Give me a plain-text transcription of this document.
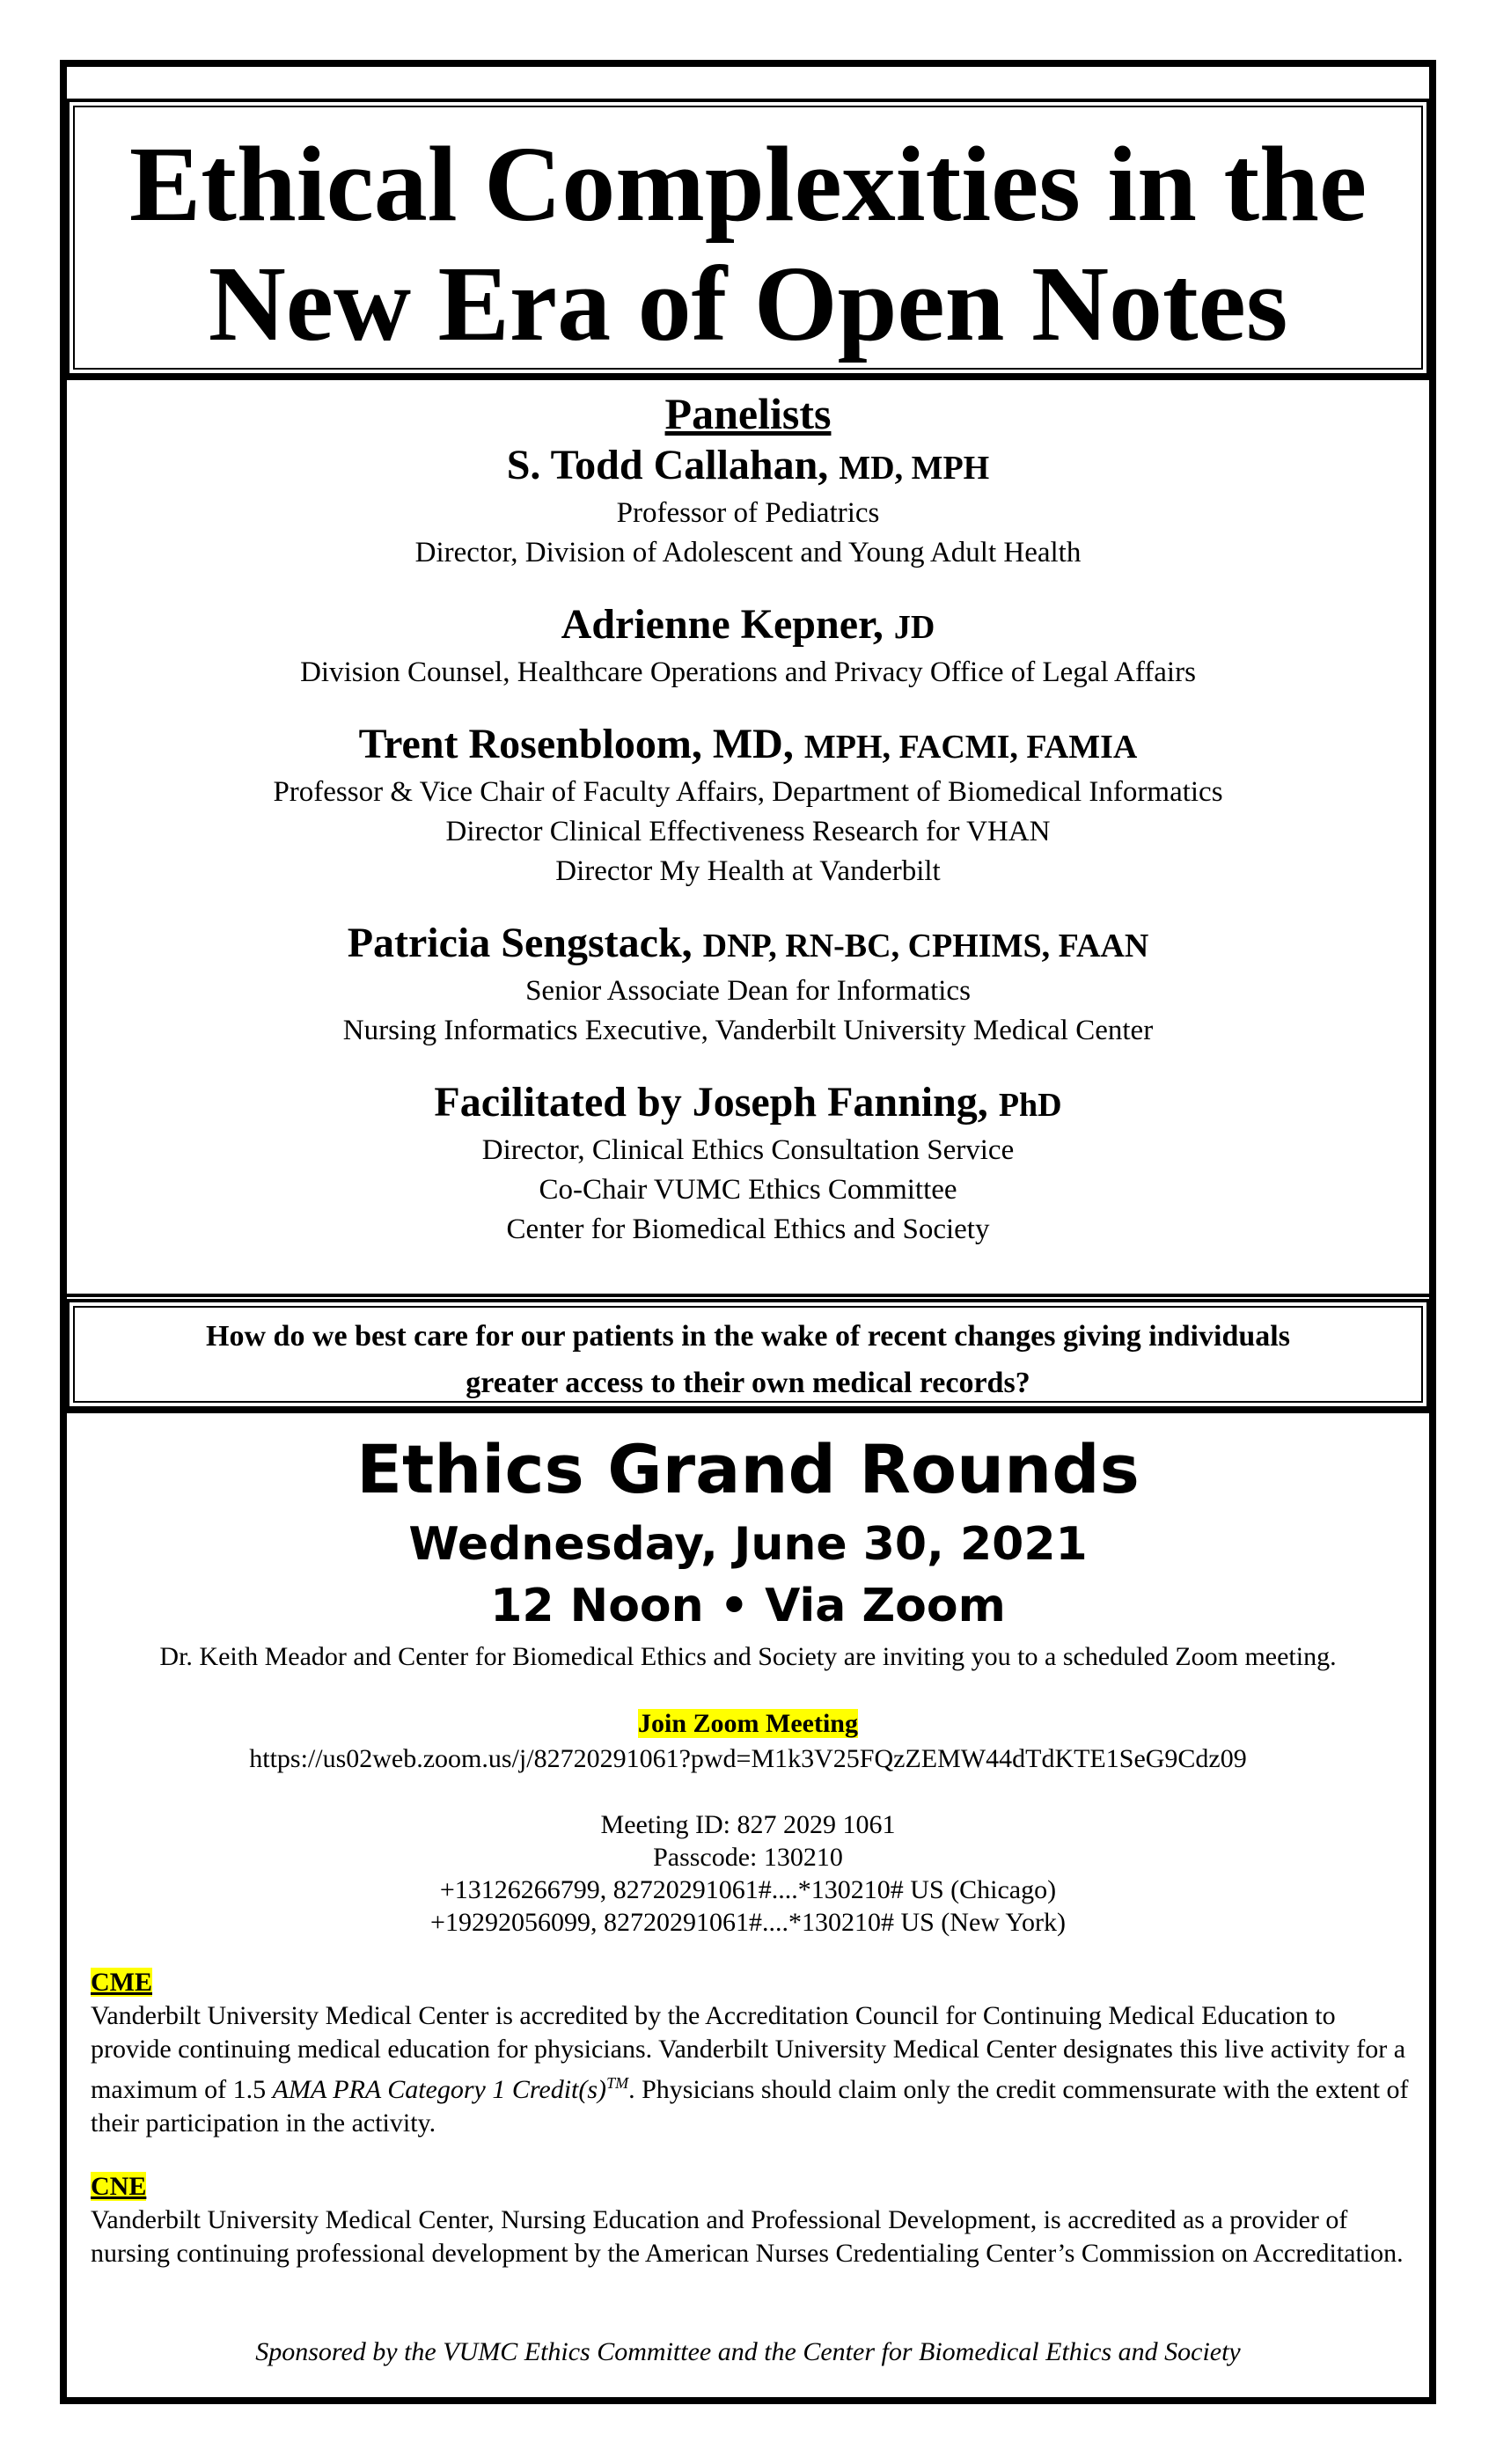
Ethical Complexities in the
New Era of Open Notes
Panelists
S. Todd Callahan, MD, MPH
Professor of Pediatrics
Director, Division of Adolescent and Young Adult Health
Adrienne Kepner, JD
Division Counsel, Healthcare Operations and Privacy Office of Legal Affairs
Trent Rosenbloom, MD, MPH, FACMI, FAMIA
Professor & Vice Chair of Faculty Affairs, Department of Biomedical Informatics
Director Clinical Effectiveness Research for VHAN
Director My Health at Vanderbilt
Patricia Sengstack, DNP, RN-BC, CPHIMS, FAAN
Senior Associate Dean for Informatics
Nursing Informatics Executive, Vanderbilt University Medical Center
Facilitated by Joseph Fanning, PhD
Director, Clinical Ethics Consultation Service
Co-Chair VUMC Ethics Committee
Center for Biomedical Ethics and Society
How do we best care for our patients in the wake of recent changes giving individuals
greater access to their own medical records?
Ethics Grand Rounds
Wednesday, June 30, 2021
12 Noon • Via Zoom
Dr. Keith Meador and Center for Biomedical Ethics and Society are inviting you to a scheduled Zoom meeting.
Join Zoom Meeting
https://us02web.zoom.us/j/82720291061?pwd=M1k3V25FQzZEMW44dTdKTE1SeG9Cdz09
Meeting ID: 827 2029 1061
Passcode: 130210
+13126266799, 82720291061#....*130210# US (Chicago)
+19292056099, 82720291061#....*130210# US (New York)
CME
Vanderbilt University Medical Center is accredited by the Accreditation Council for Continuing Medical Education to provide continuing medical education for physicians. Vanderbilt University Medical Center designates this live activity for a maximum of 1.5 AMA PRA Category 1 Credit(s)™. Physicians should claim only the credit commensurate with the extent of their participation in the activity.
CNE
Vanderbilt University Medical Center, Nursing Education and Professional Development, is accredited as a provider of nursing continuing professional development by the American Nurses Credentialing Center’s Commission on Accreditation.
Sponsored by the VUMC Ethics Committee and the Center for Biomedical Ethics and Society
